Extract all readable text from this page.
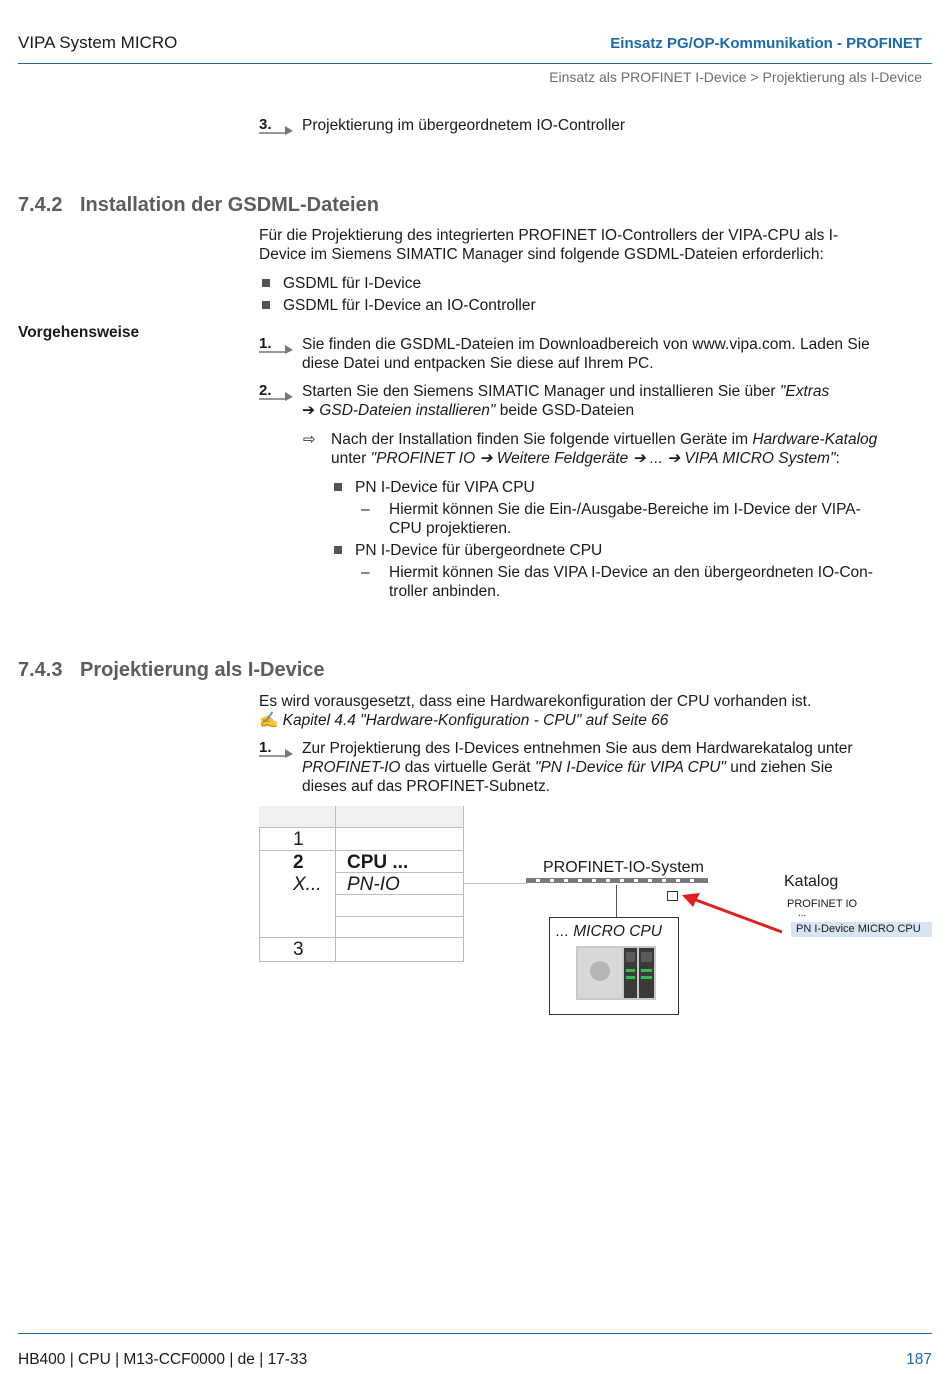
VIPA System MICRO	Einsatz PG/OP-Kommunikation - PROFINET
Einsatz als PROFINET I-Device > Projektierung als I-Device
3. Projektierung im übergeordnetem IO-Controller
7.4.2 Installation der GSDML-Dateien
Für die Projektierung des integrierten PROFINET IO-Controllers der VIPA-CPU als I-
Device im Siemens SIMATIC Manager sind folgende GSDML-Dateien erforderlich:
GSDML für I-Device
GSDML für I-Device an IO-Controller
Vorgehensweise
1. Sie finden die GSDML-Dateien im Downloadbereich von www.vipa.com. Laden Sie
diese Datei und entpacken Sie diese auf Ihrem PC.
2. Starten Sie den Siemens SIMATIC Manager und installieren Sie über "Extras
➔ GSD-Dateien installieren" beide GSD-Dateien
⇨ Nach der Installation finden Sie folgende virtuellen Geräte im Hardware-Katalog
unter "PROFINET IO ➔ Weitere Feldgeräte ➔ ... ➔ VIPA MICRO System":
PN I-Device für VIPA CPU
– Hiermit können Sie die Ein-/Ausgabe-Bereiche im I-Device der VIPA-
CPU projektieren.
PN I-Device für übergeordnete CPU
– Hiermit können Sie das VIPA I-Device an den übergeordneten IO-Con-
troller anbinden.
7.4.3 Projektierung als I-Device
Es wird vorausgesetzt, dass eine Hardwarekonfiguration der CPU vorhanden ist.
✍ Kapitel 4.4 "Hardware-Konfiguration - CPU" auf Seite 66
1. Zur Projektierung des I-Devices entnehmen Sie aus dem Hardwarekatalog unter
PROFINET-IO das virtuelle Gerät "PN I-Device für VIPA CPU" und ziehen Sie
dieses auf das PROFINET-Subnetz.
1
2
X...
3
CPU ...
PN-IO
PROFINET-IO-System
... MICRO CPU
Katalog
PROFINET IO
...
PN I-Device MICRO CPU
HB400 | CPU | M13-CCF0000 | de | 17-33	187
